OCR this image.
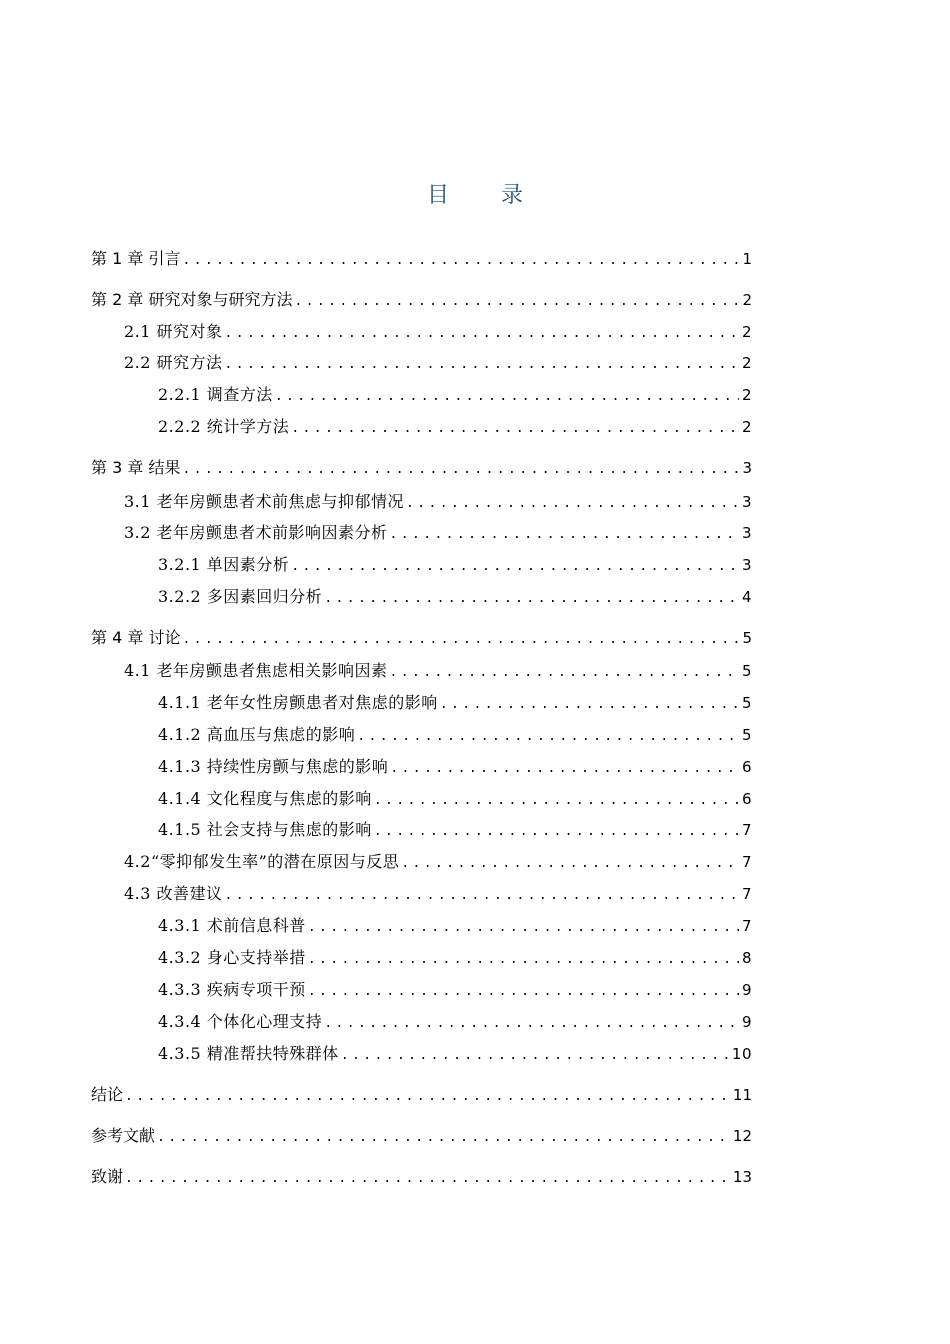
目 录
第 1 章 引言 .....	1
第 2 章 研究对象与研究方法 .....	2
2.1 研究对象 .....	2
2.2 研究方法 .....	2
2.2.1 调查方法 .....	2
2.2.2 统计学方法 .....	2
第 3 章 结果 .....	3
3.1 老年房颤患者术前焦虑与抑郁情况 .....	3
3.2 老年房颤患者术前影响因素分析 .....	3
3.2.1 单因素分析 .....	3
3.2.2 多因素回归分析 .....	4
第 4 章 讨论 .....	5
4.1 老年房颤患者焦虑相关影响因素 .....	5
4.1.1 老年女性房颤患者对焦虑的影响 .....	5
4.1.2 高血压与焦虑的影响 .....	5
4.1.3 持续性房颤与焦虑的影响 .....	6
4.1.4 文化程度与焦虑的影响 .....	6
4.1.5 社会支持与焦虑的影响 .....	7
4.2“零抑郁发生率”的潜在原因与反思 .....	7
4.3 改善建议 .....	7
4.3.1 术前信息科普 .....	7
4.3.2 身心支持举措 .....	8
4.3.3 疾病专项干预 .....	9
4.3.4 个体化心理支持 .....	9
4.3.5 精准帮扶特殊群体 .....	10
结论 .....	11
参考文献 .....	12
致谢 .....	13
